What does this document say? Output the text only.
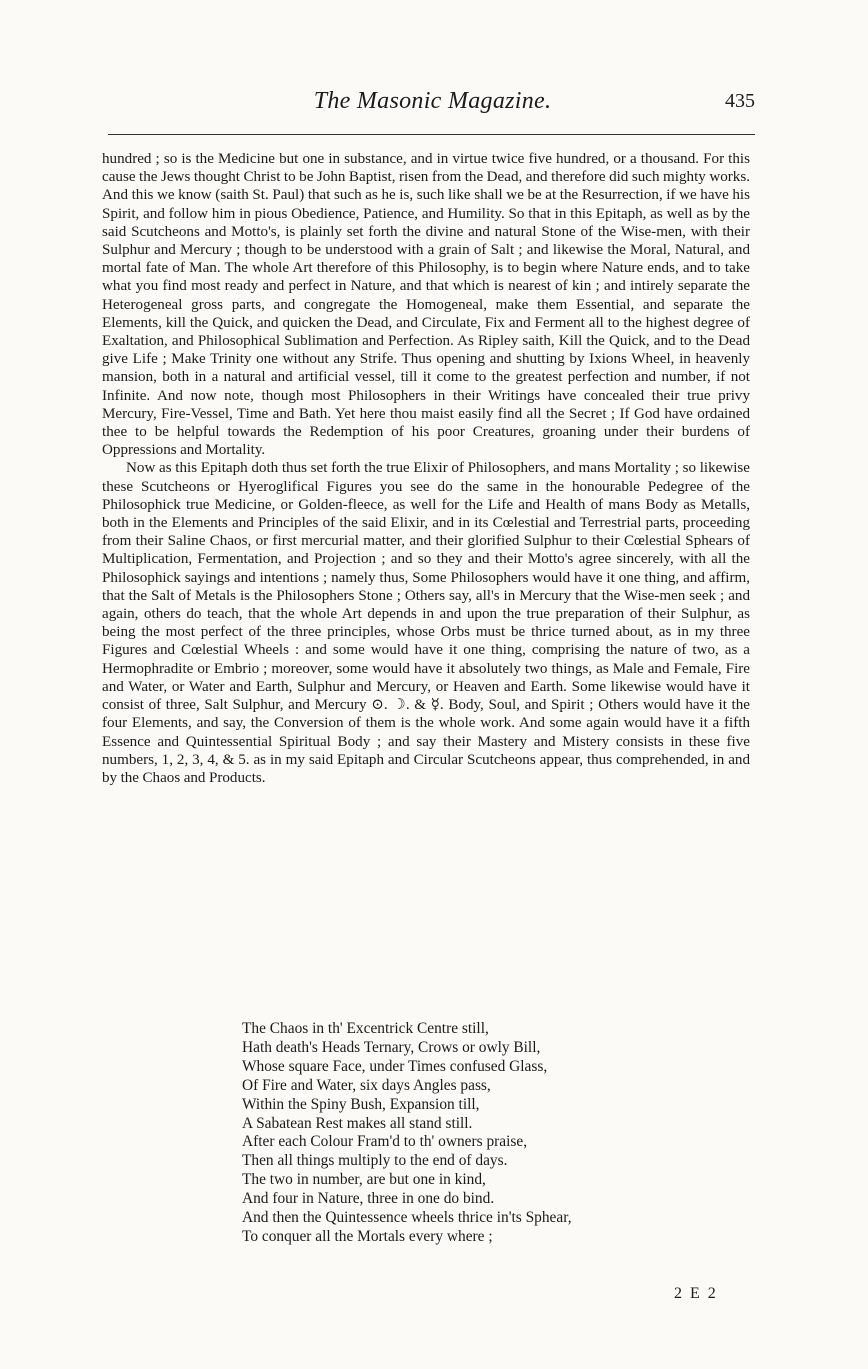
The Masonic Magazine.	435

hundred ; so is the Medicine but one in substance, and in virtue twice five hundred, or a thousand. For this cause the Jews thought Christ to be John Baptist, risen from the Dead, and therefore did such mighty works. And this we know (saith St. Paul) that such as he is, such like shall we be at the Resurrection, if we have his Spirit, and follow him in pious Obedience, Patience, and Humility. So that in this Epitaph, as well as by the said Scutcheons and Motto's, is plainly set forth the divine and natural Stone of the Wise-men, with their Sulphur and Mercury ; though to be understood with a grain of Salt ; and likewise the Moral, Natural, and mortal fate of Man. The whole Art therefore of this Philosophy, is to begin where Nature ends, and to take what you find most ready and perfect in Nature, and that which is nearest of kin ; and intirely separate the Heterogeneal gross parts, and congregate the Homogeneal, make them Essential, and separate the Elements, kill the Quick, and quicken the Dead, and Circulate, Fix and Ferment all to the highest degree of Exaltation, and Philosophical Sublimation and Perfection. As Ripley saith, Kill the Quick, and to the Dead give Life ; Make Trinity one without any Strife. Thus opening and shutting by Ixions Wheel, in heavenly mansion, both in a natural and artificial vessel, till it come to the greatest perfection and number, if not Infinite. And now note, though most Philosophers in their Writings have concealed their true privy Mercury, Fire-Vessel, Time and Bath. Yet here thou maist easily find all the Secret ; If God have ordained thee to be helpful towards the Redemption of his poor Creatures, groaning under their burdens of Oppressions and Mortality.

Now as this Epitaph doth thus set forth the true Elixir of Philosophers, and mans Mortality ; so likewise these Scutcheons or Hyeroglifical Figures you see do the same in the honourable Pedegree of the Philosophick true Medicine, or Golden-fleece, as well for the Life and Health of mans Body as Metalls, both in the Elements and Principles of the said Elixir, and in its Cœlestial and Terrestrial parts, proceeding from their Saline Chaos, or first mercurial matter, and their glorified Sulphur to their Cœlestial Sphears of Multiplication, Fermentation, and Projection ; and so they and their Motto's agree sincerely, with all the Philosophick sayings and intentions ; namely thus, Some Philosophers would have it one thing, and affirm, that the Salt of Metals is the Philosophers Stone ; Others say, all's in Mercury that the Wise-men seek ; and again, others do teach, that the whole Art depends in and upon the true preparation of their Sulphur, as being the most perfect of the three principles, whose Orbs must be thrice turned about, as in my three Figures and Cœlestial Wheels : and some would have it one thing, comprising the nature of two, as a Hermophradite or Embrio ; moreover, some would have it absolutely two things, as Male and Female, Fire and Water, or Water and Earth, Sulphur and Mercury, or Heaven and Earth. Some likewise would have it consist of three, Salt Sulphur, and Mercury ⊙. ☽. & ☿. Body, Soul, and Spirit ; Others would have it the four Elements, and say, the Conversion of them is the whole work. And some again would have it a fifth Essence and Quintessential Spiritual Body ; and say their Mastery and Mistery consists in these five numbers, 1, 2, 3, 4, & 5. as in my said Epitaph and Circular Scutcheons appear, thus comprehended, in and by the Chaos and Products.

The Chaos in th' Excentrick Centre still,
Hath death's Heads Ternary, Crows or owly Bill,
Whose square Face, under Times confused Glass,
Of Fire and Water, six days Angles pass,
Within the Spiny Bush, Expansion till,
A Sabatean Rest makes all stand still.
After each Colour Fram'd to th' owners praise,
Then all things multiply to the end of days.
The two in number, are but one in kind,
And four in Nature, three in one do bind.
And then the Quintessence wheels thrice in'ts Sphear,
To conquer all the Mortals every where ;
2 E 2
